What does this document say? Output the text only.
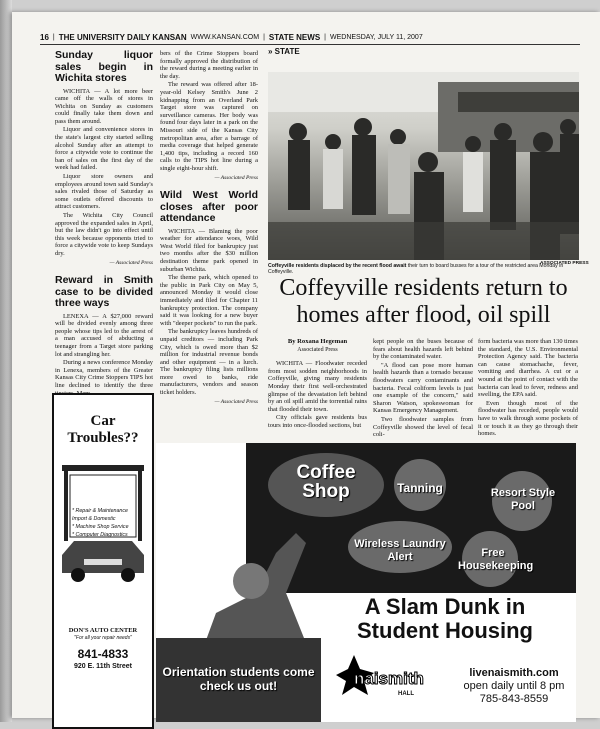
16 | THE UNIVERSITY DAILY KANSAN WWW.KANSAN.COM | STATE NEWS | WEDNESDAY, JULY 11, 2007
Sunday liquor sales begin in Wichita stores

WICHITA — A lot more beer came off the walls of stores in Wichita on Sunday as customers could finally take them down and pass them around.

Liquor and convenience stores in the state's largest city started selling alcohol Sunday after an attempt to force a citywide vote to continue the ban of sales on the first day of the week had failed.

Liquor store owners and employees around town said Sunday's sales rivaled those of Saturday as some outlets offered discounts to attract customers.

The Wichita City Council approved the expanded sales in April, but the law didn't go into effect until this week because opponents tried to force a citywide vote to keep Sundays dry.

— Associated Press
Reward in Smith case to be divided three ways

LENEXA — A $27,000 reward will be divided evenly among three people whose tips led to the arrest of a man accused of abducting a teenager from a Target store parking lot and strangling her.

During a news conference Monday in Lenexa, members of the Greater Kansas City Crime Stoppers TIPS hot line declined to identify the three

bers of the Crime Stoppers board formally approved the distribution of the reward during a meeting earlier in the day.

The reward was offered after 18-year-old Kelsey Smith's June 2 kidnapping from an Overland Park Target store was captured on surveillance cameras. Her body was found four days later in a park on the Missouri side of the Kansas City metropolitan area, after a barrage of media coverage that helped generate 1,400 tips, including a record 160 calls to the TIPS hot line during a single eight-hour shift.

— Associated Press
Wild West World closes after poor attendance

WICHITA — Blaming the poor weather for attendance woes, Wild West World filed for bankruptcy just two months after the $30 million destination theme park opened in suburban Wichita.

The theme park, which opened to the public in Park City on May 5, announced Monday it would close immediately and filed for Chapter 11 bankruptcy protection. The company said it was looking for a new buyer with "deeper pockets" to run the park.

The bankruptcy leaves hundreds of unpaid creditors — including Park City, which is owed more than $2 million for industrial revenue bonds and other equipment — in a lurch. The bankruptcy filing lists millions more owed to banks, ride manufacturers, vendors and season ticket holders.

— Associated Press
» STATE
ASSOCIATED PRESS
Coffeyville residents displaced by the recent flood await their turn to board busses for a tour of the restricted area Monday in Coffeyville.
Coffeyville residents return to homes after flood, oil spill
By Roxana Hegeman
Associated Press

WICHITA — Floodwater receded from most sodden neighborhoods in Coffeyville, giving many residents Monday their first well-orchestrated glimpse of the devastation left behind by an oil spill amid the torrential rains that flooded their town.

City officials gave residents bus tours into once-flooded sections, but

kept people on the buses because of fears about health hazards left behind by the contaminated water.

"A flood can pose more human health hazards than a tornado because floodwaters carry contaminants and bacteria. Fecal coliform levels is just one example of the concern," said Sharon Watson, spokeswoman for Kansas Emergency Management.

Two floodwater samples from Coffeyville showed the level of fecal coli-

form bacteria was more than 130 times the standard, the U.S. Environmental Protection Agency said. The bacteria can cause stomachache, fever, vomiting and diarrhea. A cut or a wound at the point of contact with the bacteria can lead to fever, redness and swelling, the EPA said.

Even though most of the floodwater has receded, people would have to walk through some pockets of it or touch it as they go through their homes.

Car Troubles??
* Repair & Maintenance
Import & Domestic
* Machine Shop Service
* Computer Diagnostics
DON'S AUTO CENTER
"For all your repair needs"
841-4833
920 E. 11th Street
Coffee Shop	Tanning	Resort Style Pool
Wireless Laundry Alert	Free Housekeeping
A Slam Dunk in
Student Housing
Orientation students come check us out!	naismith
HALL
livenaismith.com
open daily until 8 pm
785-843-8559
